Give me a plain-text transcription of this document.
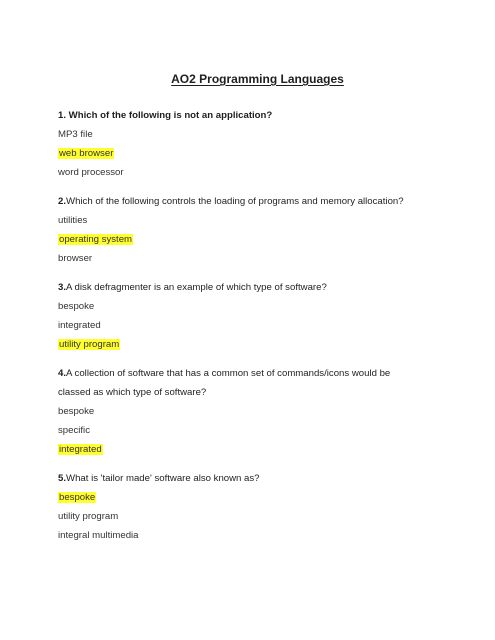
AO2 Programming Languages

1. Which of the following is not an application?

MP3 file

web browser

word processor

2.Which of the following controls the loading of programs and memory allocation?

utilities

operating system

browser

3.A disk defragmenter is an example of which type of software?

bespoke

integrated

utility program

4.A collection of software that has a common set of commands/icons would be
classed as which type of software?

bespoke

specific

integrated

5.What is 'tailor made' software also known as?

bespoke

utility program

integral multimedia
